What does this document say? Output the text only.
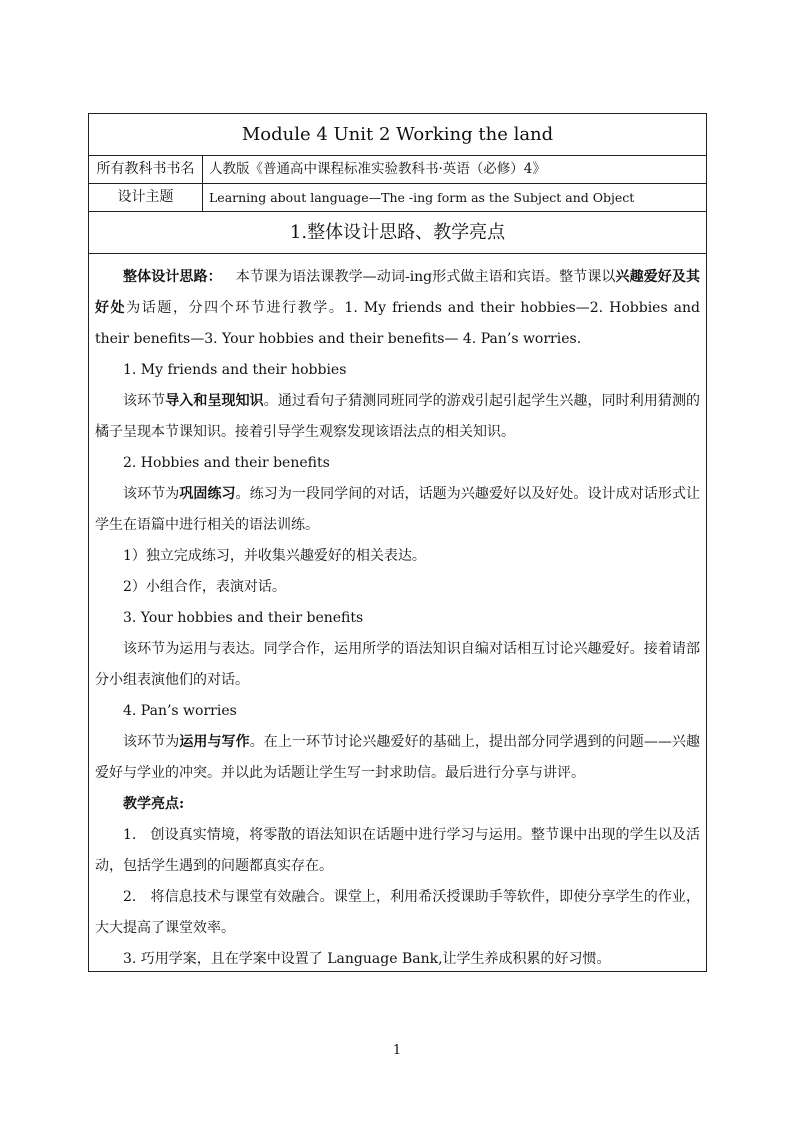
Module 4 Unit 2 Working the land
所有教科书书名	人教版《普通高中课程标准实验教科书·英语（必修）4》
设计主题	Learning about language—The -ing form as the Subject and Object
1.整体设计思路、教学亮点

整体设计思路： 本节课为语法课教学—动词-ing形式做主语和宾语。整节课以兴趣爱好及其好处为话题，分四个环节进行教学。1. My friends and their hobbies—2. Hobbies and their benefits—3. Your hobbies and their benefits— 4. Pan’s worries.

1. My friends and their hobbies

该环节导入和呈现知识。通过看句子猜测同班同学的游戏引起引起学生兴趣，同时利用猜测的橘子呈现本节课知识。接着引导学生观察发现该语法点的相关知识。

2. Hobbies and their benefits

该环节为巩固练习。练习为一段同学间的对话，话题为兴趣爱好以及好处。设计成对话形式让学生在语篇中进行相关的语法训练。

1）独立完成练习，并收集兴趣爱好的相关表达。

2）小组合作，表演对话。

3. Your hobbies and their benefits

该环节为运用与表达。同学合作，运用所学的语法知识自编对话相互讨论兴趣爱好。接着请部分小组表演他们的对话。

4. Pan’s worries

该环节为运用与写作。在上一环节讨论兴趣爱好的基础上，提出部分同学遇到的问题——兴趣爱好与学业的冲突。并以此为话题让学生写一封求助信。最后进行分享与讲评。

教学亮点:

1.　创设真实情境，将零散的语法知识在话题中进行学习与运用。整节课中出现的学生以及活动，包括学生遇到的问题都真实存在。

2.　将信息技术与课堂有效融合。课堂上，利用希沃授课助手等软件，即使分享学生的作业，大大提高了课堂效率。

3. 巧用学案，且在学案中设置了 Language Bank,让学生养成积累的好习惯。

1
